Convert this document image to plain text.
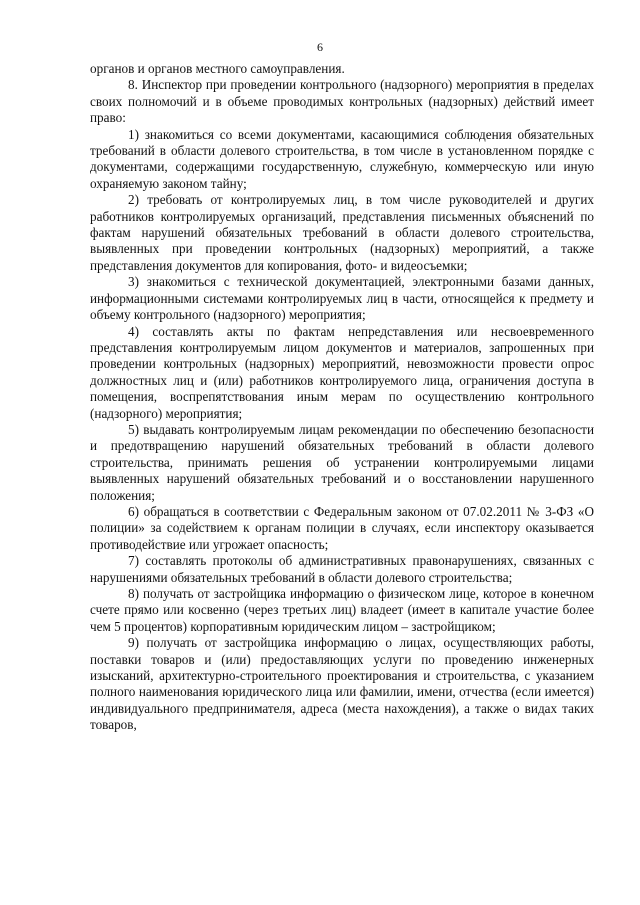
6

органов и органов местного самоуправления.

8. Инспектор при проведении контрольного (надзорного) мероприятия в пределах своих полномочий и в объеме проводимых контрольных (надзорных) действий имеет право:

1) знакомиться со всеми документами, касающимися соблюдения обязательных требований в области долевого строительства, в том числе в установленном порядке с документами, содержащими государственную, служебную, коммерческую или иную охраняемую законом тайну;

2) требовать от контролируемых лиц, в том числе руководителей и других работников контролируемых организаций, представления письменных объяснений по фактам нарушений обязательных требований в области долевого строительства, выявленных при проведении контрольных (надзорных) мероприятий, а также представления документов для копирования, фото- и видеосъемки;

3) знакомиться с технической документацией, электронными базами данных, информационными системами контролируемых лиц в части, относящейся к предмету и объему контрольного (надзорного) мероприятия;

4) составлять акты по фактам непредставления или несвоевременного представления контролируемым лицом документов и материалов, запрошенных при проведении контрольных (надзорных) мероприятий, невозможности провести опрос должностных лиц и (или) работников контролируемого лица, ограничения доступа в помещения, воспрепятствования иным мерам по осуществлению контрольного (надзорного) мероприятия;

5) выдавать контролируемым лицам рекомендации по обеспечению безопасности и предотвращению нарушений обязательных требований в области долевого строительства, принимать решения об устранении контролируемыми лицами выявленных нарушений обязательных требований и о восстановлении нарушенного положения;

6) обращаться в соответствии с Федеральным законом от 07.02.2011 № 3-ФЗ «О полиции» за содействием к органам полиции в случаях, если инспектору оказывается противодействие или угрожает опасность;

7) составлять протоколы об административных правонарушениях, связанных с нарушениями обязательных требований в области долевого строительства;

8) получать от застройщика информацию о физическом лице, которое в конечном счете прямо или косвенно (через третьих лиц) владеет (имеет в капитале участие более чем 5 процентов) корпоративным юридическим лицом – застройщиком;

9) получать от застройщика информацию о лицах, осуществляющих работы, поставки товаров и (или) предоставляющих услуги по проведению инженерных изысканий, архитектурно-строительного проектирования и строительства, с указанием полного наименования юридического лица или фамилии, имени, отчества (если имеется) индивидуального предпринимателя, адреса (места нахождения), а также о видах таких товаров,
